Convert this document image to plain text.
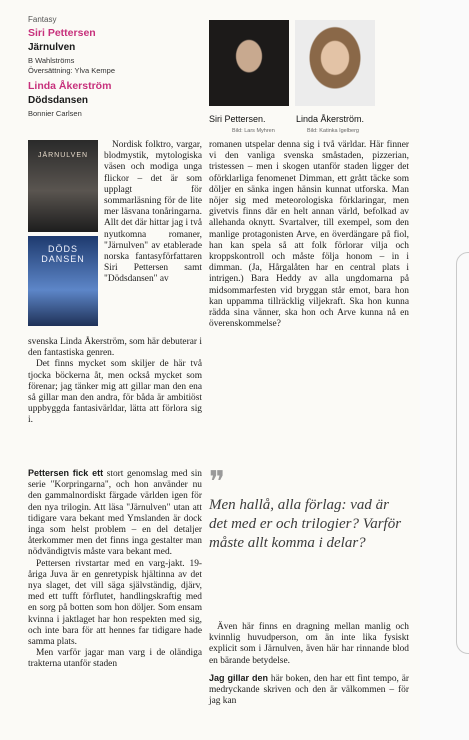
Fantasy
Siri Pettersen
Järnulven
B Wahlströms
Översättning: Ylva Kempe
Linda Åkerström
Dödsdansen
Bonnier Carlsen
JÄRNULVEN
DÖDS DANSEN

Nordisk folktro, vargar, blodmystik, mytologiska väsen och modiga unga flickor – det är som upplagt för sommarläsning för de lite mer läsvana tonåringarna. Allt det där hittar jag i två nyutkomna romaner, "Järnulven" av etablerade norska fantasyförfattaren Siri Pettersen samt "Dödsdansen" av

svenska Linda Åkerström, som här debuterar i den fantastiska genren.

Det finns mycket som skiljer de här två tjocka böckerna åt, men också mycket som förenar; jag tänker mig att gillar man den ena så gillar man den andra, för båda är ambitiöst uppbyggda fantasivärldar, lätta att förlora sig i.

Pettersen fick ett stort genomslag med sin serie "Korpringarna", och hon använder nu den gammalnordiskt färgade världen igen för den nya trilogin. Att läsa "Järnulven" utan att tidigare vara bekant med Ymslanden är dock inga som helst problem – en del detaljer återkommer men det finns inga gestalter man nödvändigtvis måste vara bekant med.

Pettersen rivstartar med en varg-jakt. 19-åriga Juva är en genretypisk hjältinna av det nya slaget, det vill säga självständig, djärv, med ett tufft förflutet, handlingskraftig med en sorg på botten som hon döljer. Som ensam kvinna i jaktlaget har hon respekten med sig, och inte bara för att hennes far tidigare hade samma plats.

Men varför jagar man varg i de oländiga trakterna utanför staden

Siri Pettersen.
Bild: Lars Myhren
Linda Åkerström.
Bild: Katinka Igelberg

romanen utspelar denna sig i två världar. Här finner vi den vanliga svenska småstaden, pizzerian, tristessen – men i skogen utanför staden ligger det oförklarliga fenomenet Dimman, ett grått täcke som döljer en sänka ingen hänsin kunnat utforska. Man nöjer sig med meteorologiska förklaringar, men givetvis finns där en helt annan värld, befolkad av allehanda oknytt. Svartalver, till exempel, som den manlige protagonisten Arve, en överdängare på fiol, han kan spela så att folk förlorar vilja och kroppskontroll och måste följa honom – in i dimman. (Ja, Hårgalåten har en central plats i intrigen.) Bara Heddy av alla ungdomarna på midsommarfesten vid bryggan står emot, bara hon kan uppamma tillräcklig viljekraft. Ska hon kunna rädda sina vänner, ska hon och Arve kunna nå en överenskommelse?

❞
Men hallå, alla förlag: vad är det med er och trilogier? Varför måste allt komma i delar?

Även här finns en dragning mellan manlig och kvinnlig huvudperson, om än inte lika fysiskt explicit som i Järnulven, även här har rinnande blod en bärande betydelse.

Jag gillar den här boken, den har ett fint tempo, är medryckande skriven och den är välkommen – för jag kan
